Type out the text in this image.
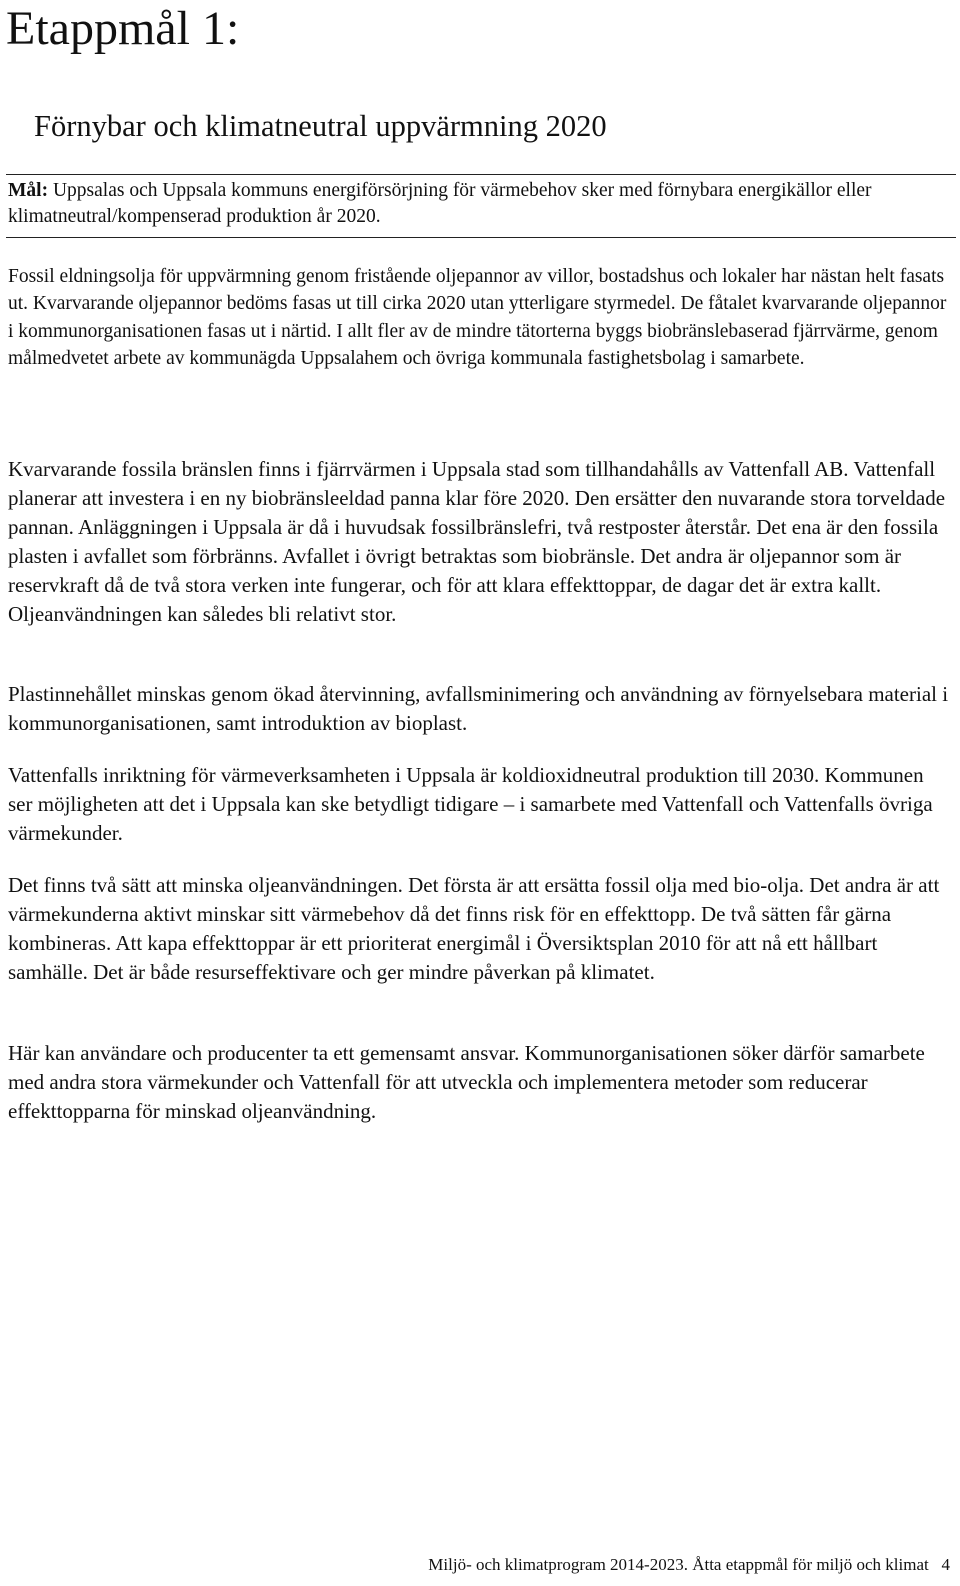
Etappmål 1:
Förnybar och klimatneutral uppvärmning 2020

Mål: Uppsalas och Uppsala kommuns energiförsörjning för värmebehov sker med förnybara energikällor eller klimatneutral/kompenserad produktion år 2020.

Fossil eldningsolja för uppvärmning genom fristående oljepannor av villor, bostadshus och lokaler har nästan helt fasats ut. Kvarvarande oljepannor bedöms fasas ut till cirka 2020 utan ytterligare styrmedel. De fåtalet kvarvarande oljepannor i kommunorganisationen fasas ut i närtid. I allt fler av de mindre tätorterna byggs biobränslebaserad fjärrvärme, genom målmedvetet arbete av kommunägda Uppsalahem och övriga kommunala fastighetsbolag i samarbete.

Kvarvarande fossila bränslen finns i fjärrvärmen i Uppsala stad som tillhandahålls av Vattenfall AB. Vattenfall planerar att investera i en ny biobränsleeldad panna klar före 2020. Den ersätter den nuvarande stora torveldade pannan. Anläggningen i Uppsala är då i huvudsak fossilbränslefri, två restposter återstår. Det ena är den fossila plasten i avfallet som förbränns. Avfallet i övrigt betraktas som biobränsle. Det andra är oljepannor som är reservkraft då de två stora verken inte fungerar, och för att klara effekttoppar, de dagar det är extra kallt. Oljeanvändningen kan således bli relativt stor.

Plastinnehållet minskas genom ökad återvinning, avfallsminimering och användning av förnyelsebara material i kommunorganisationen, samt introduktion av bioplast.

Vattenfalls inriktning för värmeverksamheten i Uppsala är koldioxidneutral produktion till 2030. Kommunen ser möjligheten att det i Uppsala kan ske betydligt tidigare – i samarbete med Vattenfall och Vattenfalls övriga värmekunder.

Det finns två sätt att minska oljeanvändningen. Det första är att ersätta fossil olja med bio-olja. Det andra är att värmekunderna aktivt minskar sitt värmebehov då det finns risk för en effekttopp. De två sätten får gärna kombineras. Att kapa effekttoppar är ett prioriterat energimål i Översiktsplan 2010 för att nå ett hållbart samhälle. Det är både resurseffektivare och ger mindre påverkan på klimatet.

Här kan användare och producenter ta ett gemensamt ansvar. Kommunorganisationen söker därför samarbete med andra stora värmekunder och Vattenfall för att utveckla och implementera metoder som reducerar effekttopparna för minskad oljeanvändning.

Miljö- och klimatprogram 2014-2023. Åtta etappmål för miljö och klimat   4
